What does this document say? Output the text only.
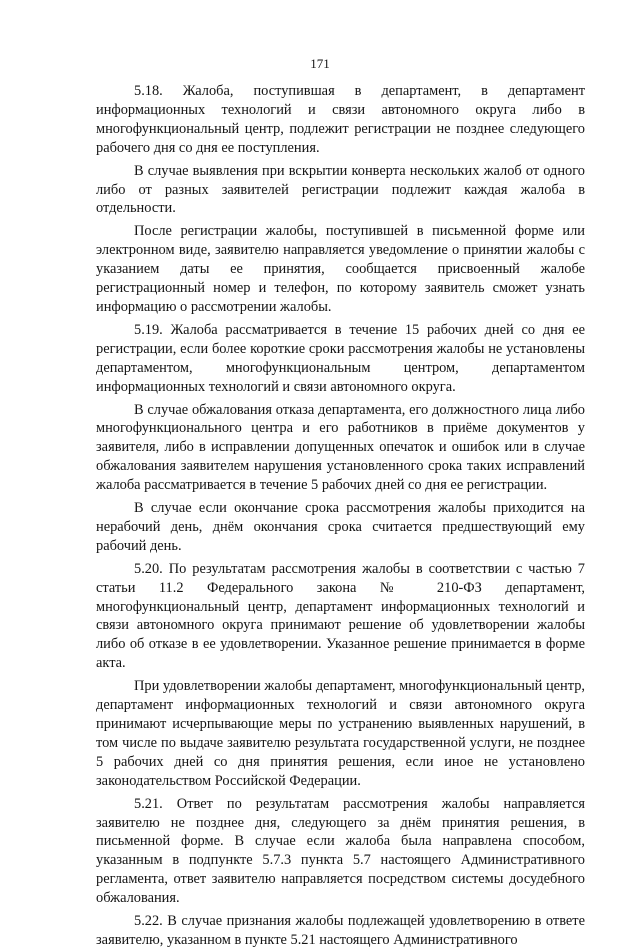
171

5.18. Жалоба, поступившая в департамент, в департамент информационных технологий и связи автономного округа либо в многофункциональный центр, подлежит регистрации не позднее следующего рабочего дня со дня ее поступления.

В случае выявления при вскрытии конверта нескольких жалоб от одного либо от разных заявителей регистрации подлежит каждая жалоба в отдельности.

После регистрации жалобы, поступившей в письменной форме или электронном виде, заявителю направляется уведомление о принятии жалобы с указанием даты ее принятия, сообщается присвоенный жалобе регистрационный номер и телефон, по которому заявитель сможет узнать информацию о рассмотрении жалобы.

5.19. Жалоба рассматривается в течение 15 рабочих дней со дня ее регистрации, если более короткие сроки рассмотрения жалобы не установлены департаментом, многофункциональным центром, департаментом информационных технологий и связи автономного округа.

В случае обжалования отказа департамента, его должностного лица либо многофункционального центра и его работников в приёме документов у заявителя, либо в исправлении допущенных опечаток и ошибок или в случае обжалования заявителем нарушения установленного срока таких исправлений жалоба рассматривается в течение 5 рабочих дней со дня ее регистрации.

В случае если окончание срока рассмотрения жалобы приходится на нерабочий день, днём окончания срока считается предшествующий ему рабочий день.

5.20. По результатам рассмотрения жалобы в соответствии с частью 7 статьи 11.2 Федерального закона № 210-ФЗ департамент, многофункциональный центр, департамент информационных технологий и связи автономного округа принимают решение об удовлетворении жалобы либо об отказе в ее удовлетворении. Указанное решение принимается в форме акта.

При удовлетворении жалобы департамент, многофункциональный центр, департамент информационных технологий и связи автономного округа принимают исчерпывающие меры по устранению выявленных нарушений, в том числе по выдаче заявителю результата государственной услуги, не позднее 5 рабочих дней со дня принятия решения, если иное не установлено законодательством Российской Федерации.

5.21. Ответ по результатам рассмотрения жалобы направляется заявителю не позднее дня, следующего за днём принятия решения, в письменной форме. В случае если жалоба была направлена способом, указанным в подпункте 5.7.3 пункта 5.7 настоящего Административного регламента, ответ заявителю направляется посредством системы досудебного обжалования.

5.22. В случае признания жалобы подлежащей удовлетворению в ответе заявителю, указанном в пункте 5.21 настоящего Административного
